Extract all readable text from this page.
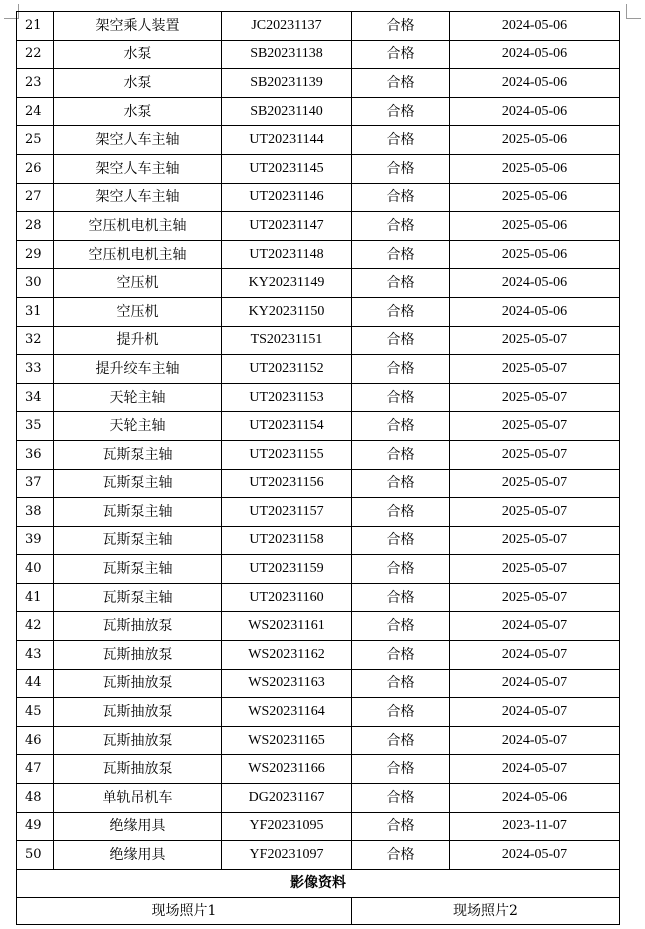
21	架空乘人装置	JC20231137	合格	2024-05-06
22	水泵	SB20231138	合格	2024-05-06
23	水泵	SB20231139	合格	2024-05-06
24	水泵	SB20231140	合格	2024-05-06
25	架空人车主轴	UT20231144	合格	2025-05-06
26	架空人车主轴	UT20231145	合格	2025-05-06
27	架空人车主轴	UT20231146	合格	2025-05-06
28	空压机电机主轴	UT20231147	合格	2025-05-06
29	空压机电机主轴	UT20231148	合格	2025-05-06
30	空压机	KY20231149	合格	2024-05-06
31	空压机	KY20231150	合格	2024-05-06
32	提升机	TS20231151	合格	2025-05-07
33	提升绞车主轴	UT20231152	合格	2025-05-07
34	天轮主轴	UT20231153	合格	2025-05-07
35	天轮主轴	UT20231154	合格	2025-05-07
36	瓦斯泵主轴	UT20231155	合格	2025-05-07
37	瓦斯泵主轴	UT20231156	合格	2025-05-07
38	瓦斯泵主轴	UT20231157	合格	2025-05-07
39	瓦斯泵主轴	UT20231158	合格	2025-05-07
40	瓦斯泵主轴	UT20231159	合格	2025-05-07
41	瓦斯泵主轴	UT20231160	合格	2025-05-07
42	瓦斯抽放泵	WS20231161	合格	2024-05-07
43	瓦斯抽放泵	WS20231162	合格	2024-05-07
44	瓦斯抽放泵	WS20231163	合格	2024-05-07
45	瓦斯抽放泵	WS20231164	合格	2024-05-07
46	瓦斯抽放泵	WS20231165	合格	2024-05-07
47	瓦斯抽放泵	WS20231166	合格	2024-05-07
48	单轨吊机车	DG20231167	合格	2024-05-06
49	绝缘用具	YF20231095	合格	2023-11-07
50	绝缘用具	YF20231097	合格	2024-05-07
影像资料				
现场照片1			现场照片2	
